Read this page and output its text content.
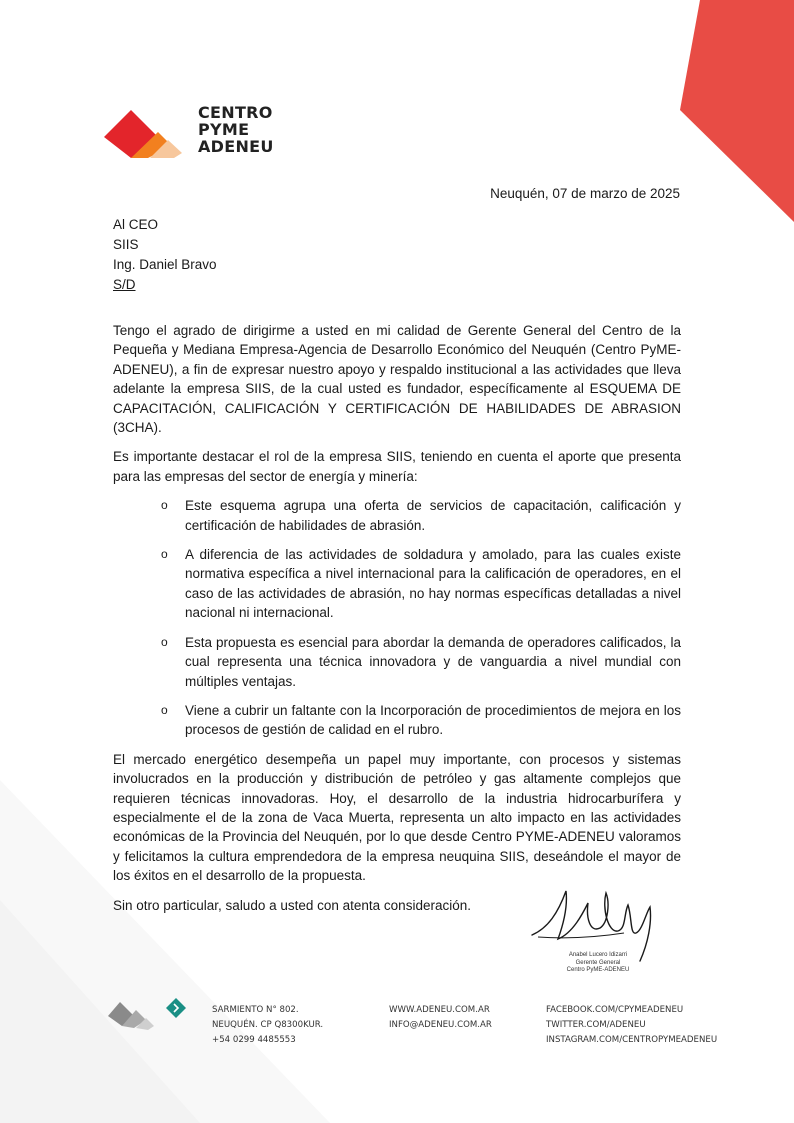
CENTRO
PYME
ADENEU
Neuquén, 07 de marzo de 2025
Al CEO
SIIS
Ing. Daniel Bravo
S/D

Tengo el agrado de dirigirme a usted en mi calidad de Gerente General del Centro de la Pequeña y Mediana Empresa-Agencia de Desarrollo Económico del Neuquén (Centro PyME-ADENEU), a fin de expresar nuestro apoyo y respaldo institucional a las actividades que lleva adelante la empresa SIIS, de la cual usted es fundador, específicamente al ESQUEMA DE CAPACITACIÓN, CALIFICACIÓN Y CERTIFICACIÓN DE HABILIDADES DE ABRASION (3CHA).

Es importante destacar el rol de la empresa SIIS, teniendo en cuenta el aporte que presenta para las empresas del sector de energía y minería:

o Este esquema agrupa una oferta de servicios de capacitación, calificación y certificación de habilidades de abrasión.
o A diferencia de las actividades de soldadura y amolado, para las cuales existe normativa específica a nivel internacional para la calificación de operadores, en el caso de las actividades de abrasión, no hay normas específicas detalladas a nivel nacional ni internacional.
o Esta propuesta es esencial para abordar la demanda de operadores calificados, la cual representa una técnica innovadora y de vanguardia a nivel mundial con múltiples ventajas.
o Viene a cubrir un faltante con la Incorporación de procedimientos de mejora en los procesos de gestión de calidad en el rubro.

El mercado energético desempeña un papel muy importante, con procesos y sistemas involucrados en la producción y distribución de petróleo y gas altamente complejos que requieren técnicas innovadoras. Hoy, el desarrollo de la industria hidrocarburífera y especialmente el de la zona de Vaca Muerta, representa un alto impacto en las actividades económicas de la Provincia del Neuquén, por lo que desde Centro PYME-ADENEU valoramos y felicitamos la cultura emprendedora de la empresa neuquina SIIS, deseándole el mayor de los éxitos en el desarrollo de la propuesta.

Sin otro particular, saludo a usted con atenta consideración.

Anabel Lucero Idizarri
Gerente General
Centro PyME-ADENEU
SARMIENTO N° 802.
NEUQUÉN. CP Q8300KUR.
+54 0299 4485553
WWW.ADENEU.COM.AR
INFO@ADENEU.COM.AR
FACEBOOK.COM/CPYMEADENEU
TWITTER.COM/ADENEU
INSTAGRAM.COM/CENTROPYMEADENEU
